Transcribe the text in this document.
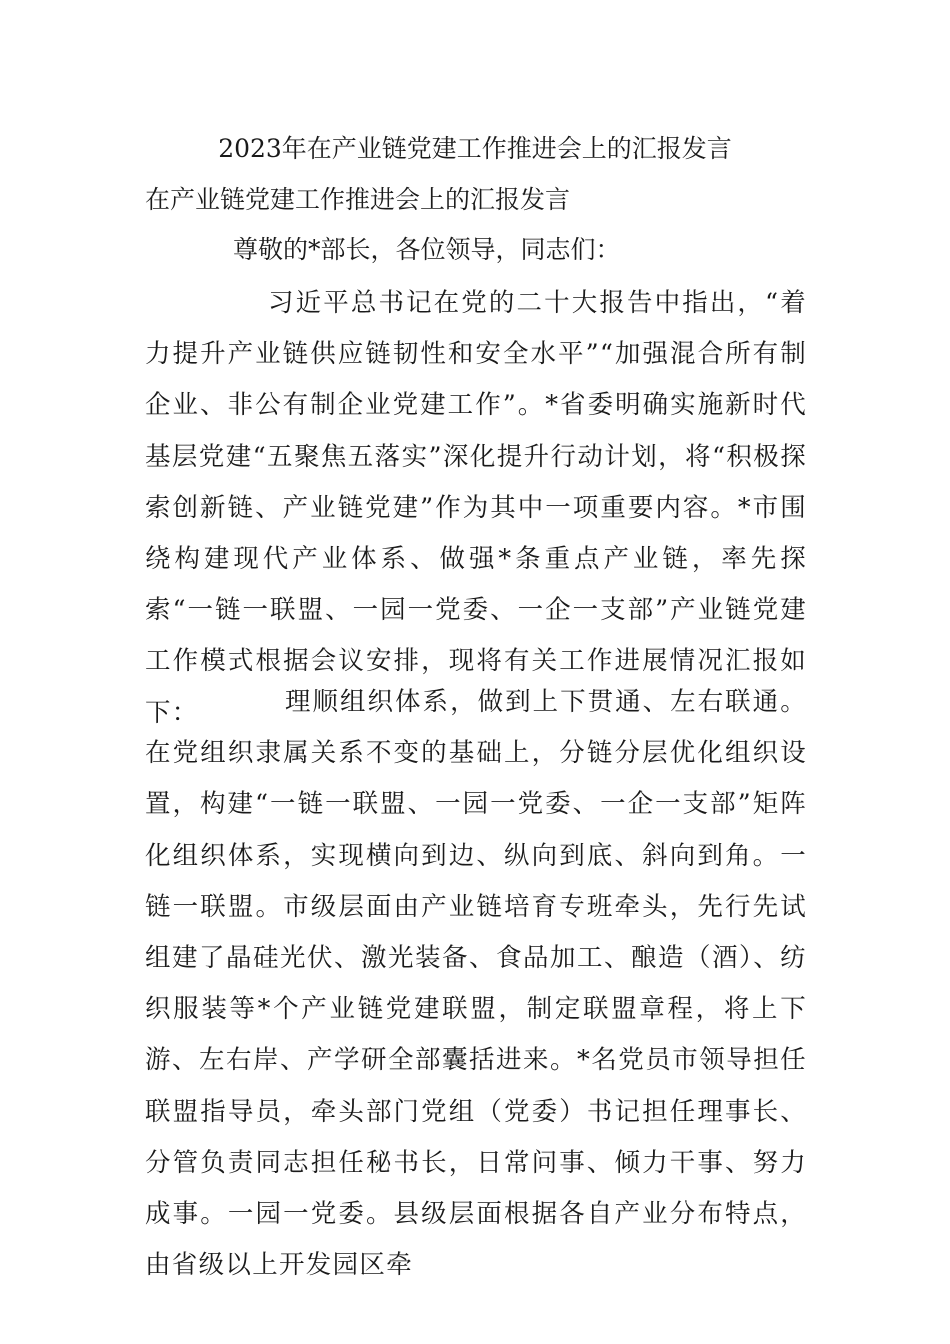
2023年在产业链党建工作推进会上的汇报发言

在产业链党建工作推进会上的汇报发言

尊敬的*部长，各位领导，同志们：

习近平总书记在党的二十大报告中指出，“着力提升产业链供应链韧性和安全水平”“加强混合所有制企业、非公有制企业党建工作”。*省委明确实施新时代基层党建“五聚焦五落实”深化提升行动计划，将“积极探索创新链、产业链党建”作为其中一项重要内容。*市围绕构建现代产业体系、做强*条重点产业链，率先探索“一链一联盟、一园一党委、一企一支部”产业链党建工作模式根据会议安排，现将有关工作进展情况汇报如下：	理顺组织体系，做到上下贯通、左右联通。在党组织隶属关系不变的基础上，分链分层优化组织设置，构建“一链一联盟、一园一党委、一企一支部”矩阵化组织体系，实现横向到边、纵向到底、斜向到角。一链一联盟。市级层面由产业链培育专班牵头，先行先试组建了晶硅光伏、激光装备、食品加工、酿造（酒）、纺织服装等*个产业链党建联盟，制定联盟章程，将上下游、左右岸、产学研全部囊括进来。*名党员市领导担任联盟指导员，牵头部门党组（党委）书记担任理事长、分管负责同志担任秘书长，日常问事、倾力干事、努力成事。一园一党委。县级层面根据各自产业分布特点，由省级以上开发园区牵
